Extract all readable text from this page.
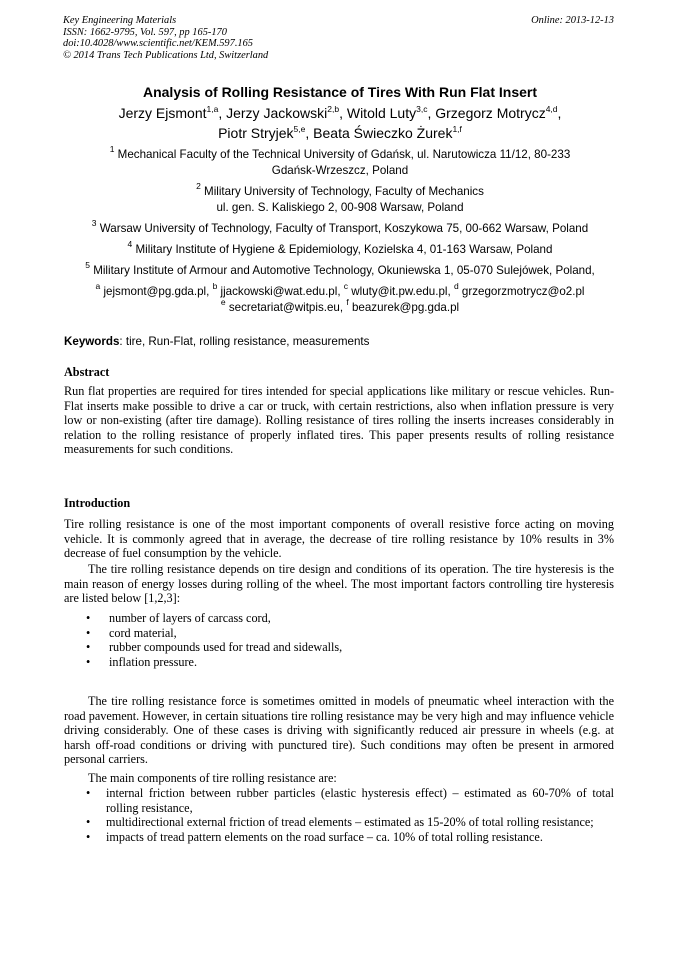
Key Engineering Materials
ISSN: 1662-9795, Vol. 597, pp 165-170
doi:10.4028/www.scientific.net/KEM.597.165
© 2014 Trans Tech Publications Ltd, Switzerland
Online: 2013-12-13
Analysis of Rolling Resistance of Tires With Run Flat Insert
Jerzy Ejsmont$^{1,a}$, Jerzy Jackowski$^{2,b}$, Witold Luty$^{3,c}$, Grzegorz Motrycz$^{4,d}$,
Piotr Stryjek$^{5,e}$, Beata Świeczko Żurek$^{1,f}$
$^1$ Mechanical Faculty of the Technical University of Gdańsk, ul. Narutowicza 11/12, 80-233
Gdańsk-Wrzeszcz, Poland
$^2$ Military University of Technology, Faculty of Mechanics
ul. gen. S. Kaliskiego 2, 00-908 Warsaw, Poland
$^3$ Warsaw University of Technology, Faculty of Transport, Koszykowa 75, 00-662 Warsaw, Poland
$^4$ Military Institute of Hygiene & Epidemiology, Kozielska 4, 01-163 Warsaw, Poland
$^5$ Military Institute of Armour and Automotive Technology, Okuniewska 1, 05-070 Sulejówek, Poland,
$^a$ jejsmont@pg.gda.pl, $^b$ jjackowski@wat.edu.pl, $^c$ wluty@it.pw.edu.pl, $^d$ grzegorzmotrycz@o2.pl
$^e$ secretariat@witpis.eu, $^f$ beazurek@pg.gda.pl
Keywords: tire, Run-Flat, rolling resistance, measurements
Abstract
Run flat properties are required for tires intended for special applications like military or rescue vehicles. Run-Flat inserts make possible to drive a car or truck, with certain restrictions, also when inflation pressure is very low or non-existing (after tire damage). Rolling resistance of tires rolling the inserts increases considerably in relation to the rolling resistance of properly inflated tires. This paper presents results of rolling resistance measurements for such conditions.
Introduction
Tire rolling resistance is one of the most important components of overall resistive force acting on moving vehicle. It is commonly agreed that in average, the decrease of tire rolling resistance by 10% results in 3% decrease of fuel consumption by the vehicle.
The tire rolling resistance depends on tire design and conditions of its operation. The tire hysteresis is the main reason of energy losses during rolling of the wheel. The most important factors controlling tire hysteresis are listed below [1,2,3]:
• number of layers of carcass cord,
• cord material,
• rubber compounds used for tread and sidewalls,
• inflation pressure.
The tire rolling resistance force is sometimes omitted in models of pneumatic wheel interaction with the road pavement. However, in certain situations tire rolling resistance may be very high and may influence vehicle driving considerably. One of these cases is driving with significantly reduced air pressure in wheels (e.g. at harsh off-road conditions or driving with punctured tire). Such conditions may often be present in armored personal carriers.
The main components of tire rolling resistance are:
• internal friction between rubber particles (elastic hysteresis effect) – estimated as 60-70% of total rolling resistance,
• multidirectional external friction of tread elements – estimated as 15-20% of total rolling resistance;
• impacts of tread pattern elements on the road surface – ca. 10% of total rolling resistance.
